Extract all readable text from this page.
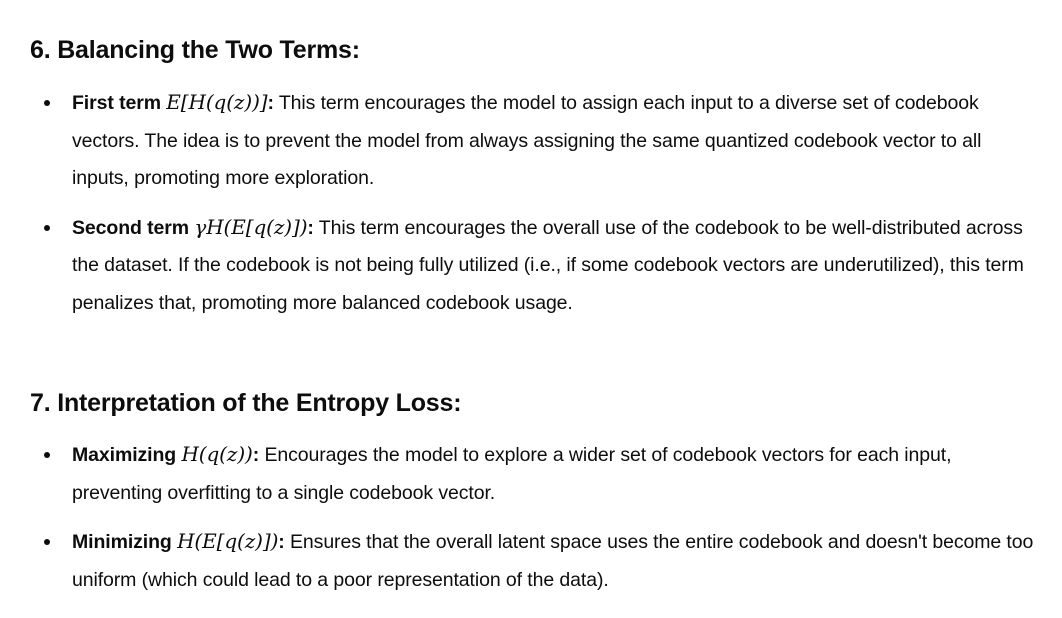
6. Balancing the Two Terms:
First term E[H(q(z))]: This term encourages the model to assign each input to a diverse set of codebook vectors. The idea is to prevent the model from always assigning the same quantized codebook vector to all inputs, promoting more exploration.
Second term γH(E[q(z)]): This term encourages the overall use of the codebook to be well-distributed across the dataset. If the codebook is not being fully utilized (i.e., if some codebook vectors are underutilized), this term penalizes that, promoting more balanced codebook usage.
7. Interpretation of the Entropy Loss:
Maximizing H(q(z)): Encourages the model to explore a wider set of codebook vectors for each input, preventing overfitting to a single codebook vector.
Minimizing H(E[q(z)]): Ensures that the overall latent space uses the entire codebook and doesn't become too uniform (which could lead to a poor representation of the data).
